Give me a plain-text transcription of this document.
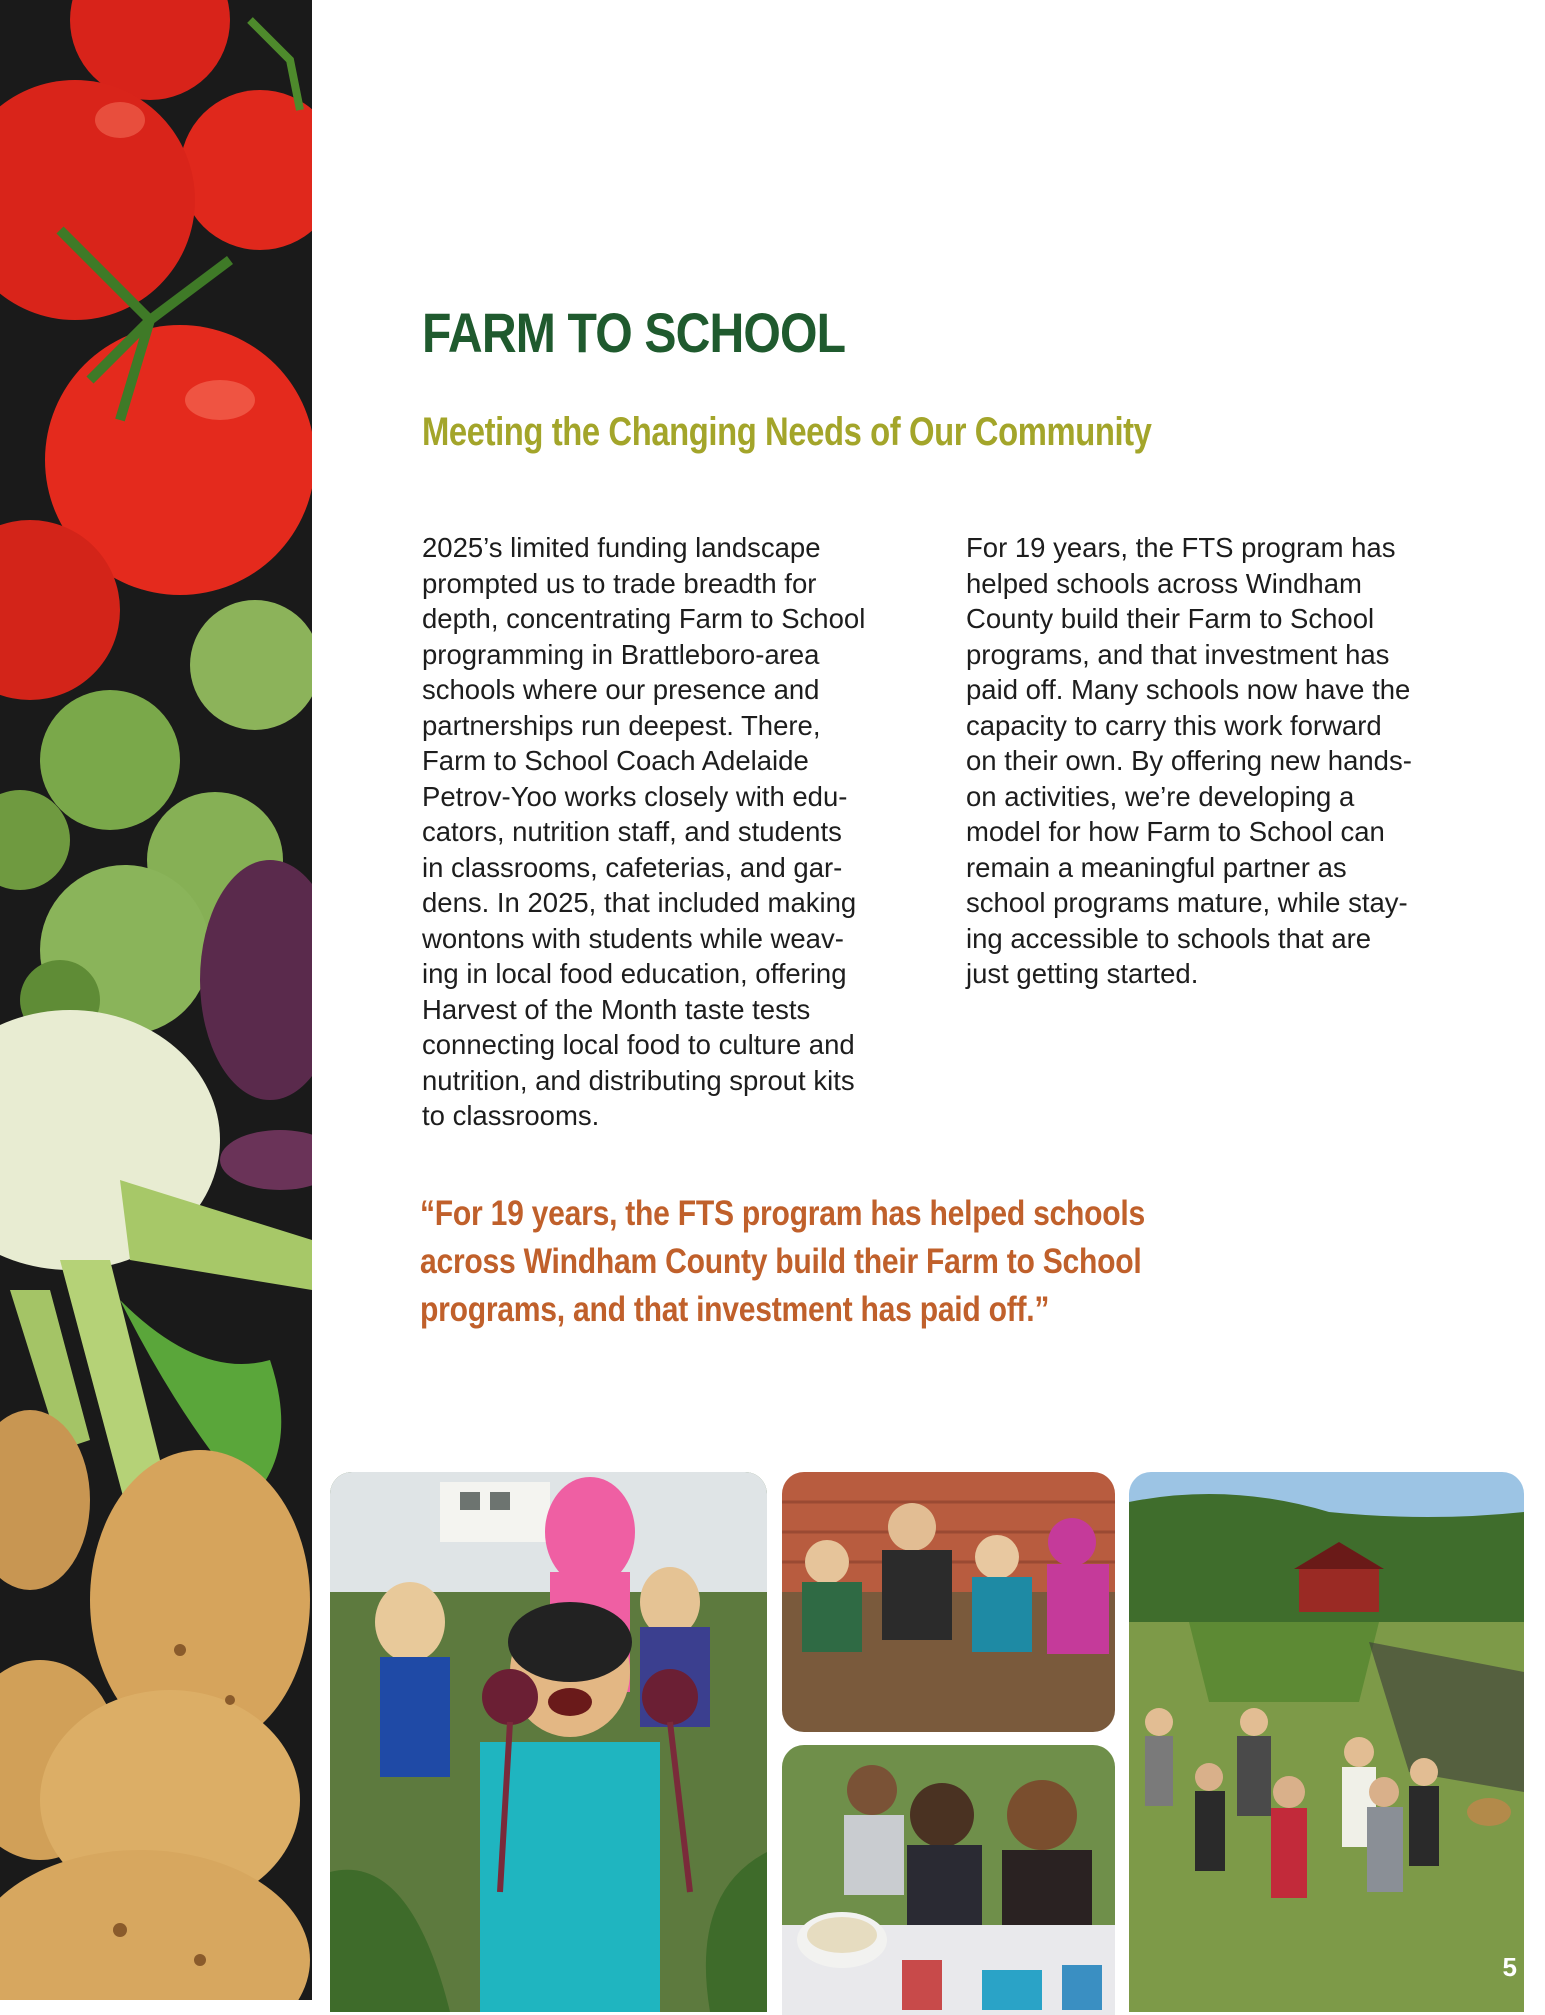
FARM TO SCHOOL
Meeting the Changing Needs of Our Community

2025’s limited funding landscape
prompted us to trade breadth for
depth, concentrating Farm to School
programming in Brattleboro-area
schools where our presence and
partnerships run deepest. There,
Farm to School Coach Adelaide
Petrov-Yoo works closely with edu-
cators, nutrition staff, and students
in classrooms, cafeterias, and gar-
dens. In 2025, that included making
wontons with students while weav-
ing in local food education, offering
Harvest of the Month taste tests
connecting local food to culture and
nutrition, and distributing sprout kits
to classrooms.

For 19 years, the FTS program has
helped schools across Windham
County build their Farm to School
programs, and that investment has
paid off. Many schools now have the
capacity to carry this work forward
on their own. By offering new hands-
on activities, we’re developing a
model for how Farm to School can
remain a meaningful partner as
school programs mature, while stay-
ing accessible to schools that are
just getting started.

“For 19 years, the FTS program has helped schools
across Windham County build their Farm to School
programs, and that investment has paid off.”

5
